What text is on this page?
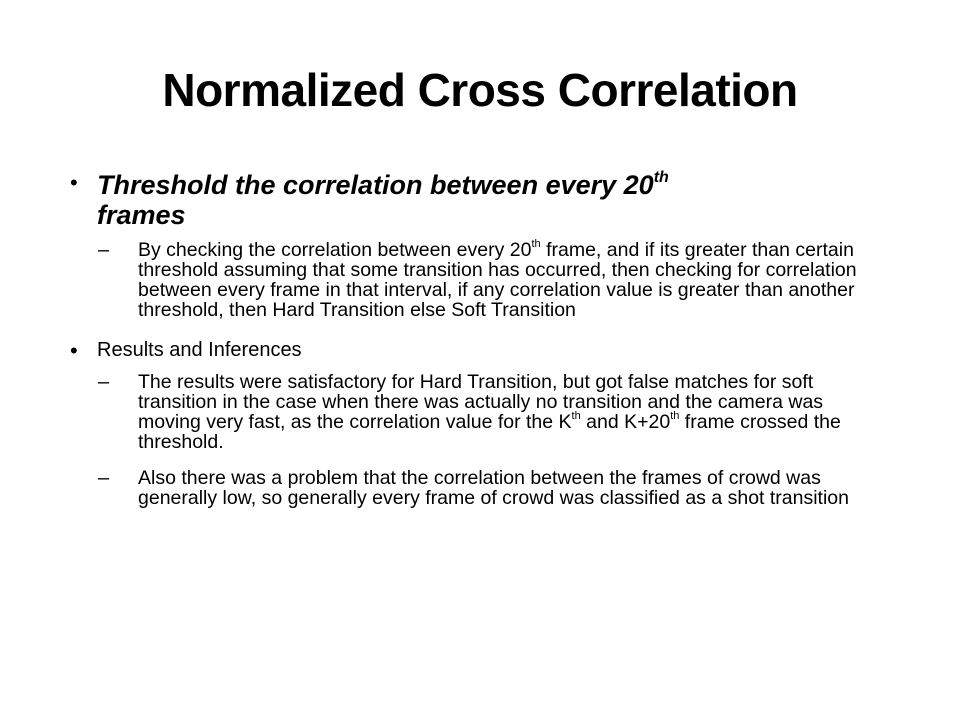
Normalized Cross Correlation
• Threshold the correlation between every 20th
frames
– By checking the correlation between every 20th frame, and if its greater than certain threshold assuming that some transition has occurred, then checking for correlation between every frame in that interval, if any correlation value is greater than another threshold, then Hard Transition else Soft Transition
• Results and Inferences
– The results were satisfactory for Hard Transition, but got false matches for soft transition in the case when there was actually no transition and the camera was moving very fast, as the correlation value for the $K^{th}$ and K+20th frame crossed the threshold.
– Also there was a problem that the correlation between the frames of crowd was generally low, so generally every frame of crowd was classified as a shot transition
